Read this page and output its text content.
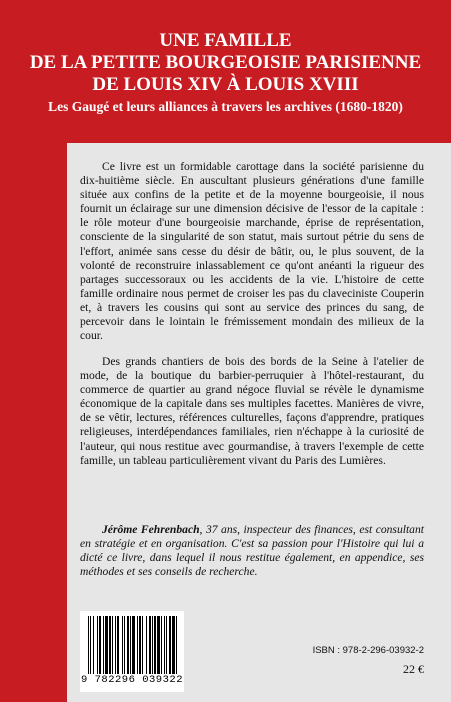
UNE FAMILLE
DE LA PETITE BOURGEOISIE PARISIENNE
DE LOUIS XIV À LOUIS XVIII
Les Gaugé et leurs alliances à travers les archives (1680-1820)

Ce livre est un formidable carottage dans la société parisienne du dix-huitième siècle. En auscultant plusieurs générations d'une famille située aux confins de la petite et de la moyenne bourgeoisie, il nous fournit un éclairage sur une dimension décisive de l'essor de la capitale : le rôle moteur d'une bourgeoisie marchande, éprise de représentation, consciente de la singularité de son statut, mais surtout pétrie du sens de l'effort, animée sans cesse du désir de bâtir, ou, le plus souvent, de la volonté de reconstruire inlassablement ce qu'ont anéanti la rigueur des partages successoraux ou les accidents de la vie. L'histoire de cette famille ordinaire nous permet de croiser les pas du claveciniste Couperin et, à travers les cousins qui sont au service des princes du sang, de percevoir dans le lointain le frémissement mondain des milieux de la cour.

Des grands chantiers de bois des bords de la Seine à l'atelier de mode, de la boutique du barbier-perruquier à l'hôtel-restaurant, du commerce de quartier au grand négoce fluvial se révèle le dynamisme économique de la capitale dans ses multiples facettes. Manières de vivre, de se vêtir, lectures, références culturelles, façons d'apprendre, pratiques religieuses, interdépendances familiales, rien n'échappe à la curiosité de l'auteur, qui nous restitue avec gourmandise, à travers l'exemple de cette famille, un tableau particulièrement vivant du Paris des Lumières.

Jérôme Fehrenbach, 37 ans, inspecteur des finances, est consultant en stratégie et en organisation. C'est sa passion pour l'Histoire qui lui a dicté ce livre, dans lequel il nous restitue également, en appendice, ses méthodes et ses conseils de recherche.

9 782296 039322
ISBN : 978-2-296-03932-2
22 €
